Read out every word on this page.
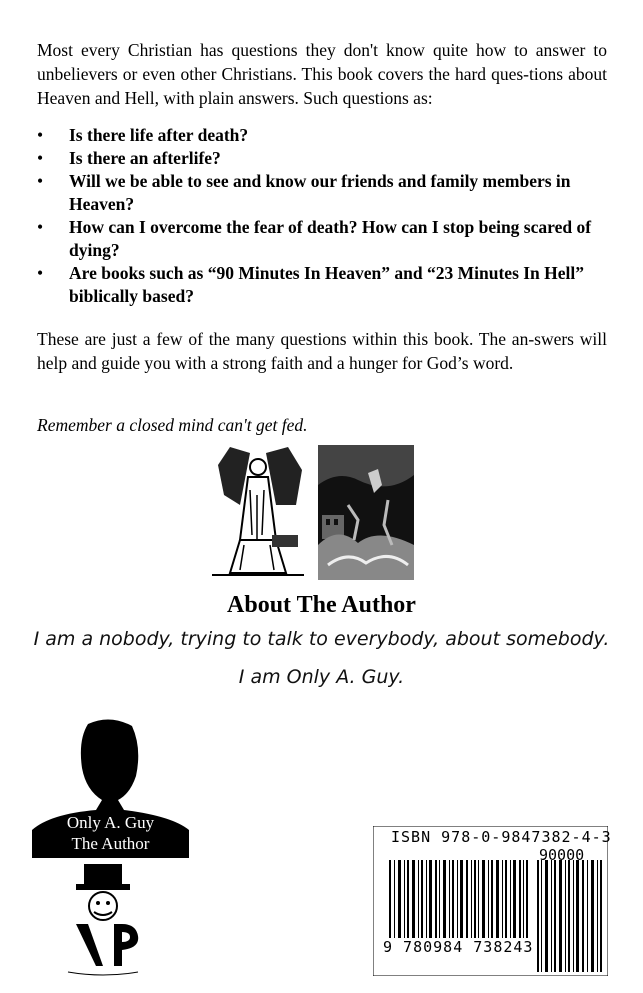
Most every Christian has questions they don't know quite how to answer to unbelievers or even other Christians. This book covers the hard ques-tions about Heaven and Hell, with plain answers. Such questions as:

• Is there life after death?
• Is there an afterlife?
• Will we be able to see and know our friends and family members in Heaven?
• How can I overcome the fear of death? How can I stop being scared of dying?
• Are books such as “90 Minutes In Heaven” and “23 Minutes In Hell” biblically based?

These are just a few of the many questions within this book. The an-swers will help and guide you with a strong faith and a hunger for God’s word.

Remember a closed mind can't get fed.

About The Author

I am a nobody, trying to talk to everybody, about somebody.

I am Only A. Guy.

Only A. Guy
The Author	ISBN 978-0-9847382-4-3
90000
9 780984 738243
